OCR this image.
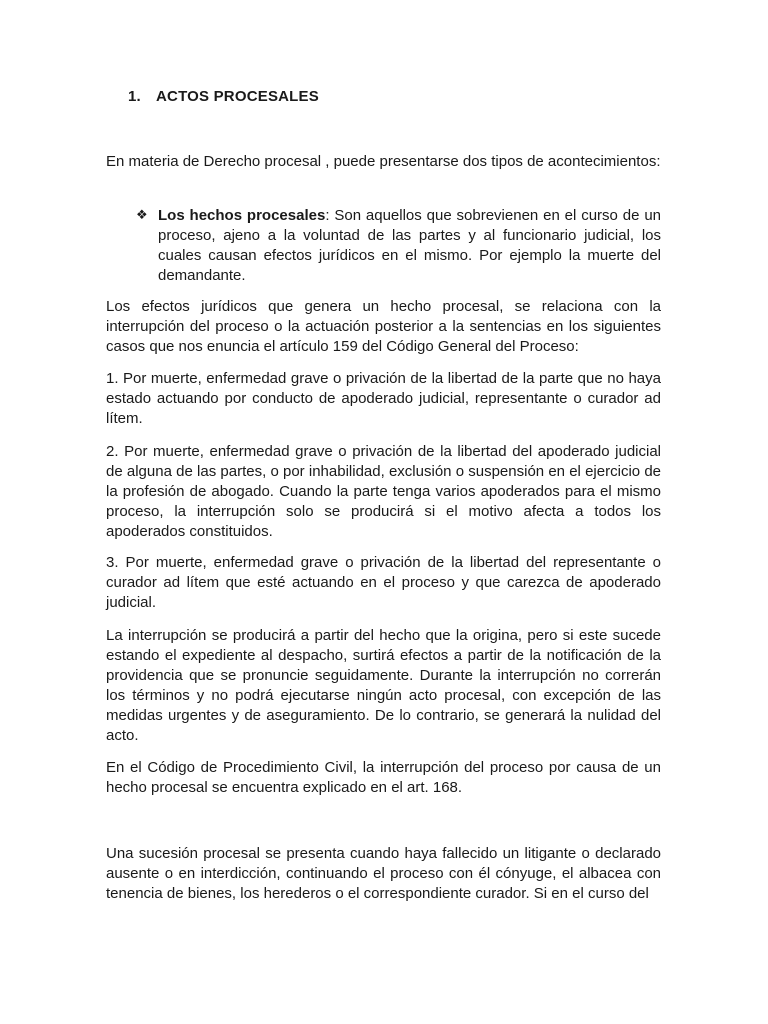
1. ACTOS PROCESALES

En materia de Derecho procesal , puede presentarse dos tipos de acontecimientos:

❖ Los hechos procesales: Son aquellos que sobrevienen en el curso de un proceso, ajeno a la voluntad de las partes y al funcionario judicial, los cuales causan efectos jurídicos en el mismo. Por ejemplo la muerte del demandante.

Los efectos jurídicos que genera un hecho procesal, se relaciona con la interrupción del proceso o la actuación posterior a la sentencias en los siguientes casos que nos enuncia el artículo 159 del Código General del Proceso:

1. Por muerte, enfermedad grave o privación de la libertad de la parte que no haya estado actuando por conducto de apoderado judicial, representante o curador ad lítem.

2. Por muerte, enfermedad grave o privación de la libertad del apoderado judicial de alguna de las partes, o por inhabilidad, exclusión o suspensión en el ejercicio de la profesión de abogado. Cuando la parte tenga varios apoderados para el mismo proceso, la interrupción solo se producirá si el motivo afecta a todos los apoderados constituidos.

3. Por muerte, enfermedad grave o privación de la libertad del representante o curador ad lítem que esté actuando en el proceso y que carezca de apoderado judicial.

La interrupción se producirá a partir del hecho que la origina, pero si este sucede estando el expediente al despacho, surtirá efectos a partir de la notificación de la providencia que se pronuncie seguidamente. Durante la interrupción no correrán los términos y no podrá ejecutarse ningún acto procesal, con excepción de las medidas urgentes y de aseguramiento. De lo contrario, se generará la nulidad del acto.

En el Código de Procedimiento Civil, la interrupción del proceso por causa de un hecho procesal se encuentra explicado en el art. 168.

Una sucesión procesal se presenta cuando haya fallecido un litigante o declarado ausente o en interdicción, continuando el proceso con él cónyuge, el albacea con tenencia de bienes, los herederos o el correspondiente curador. Si en el curso del
